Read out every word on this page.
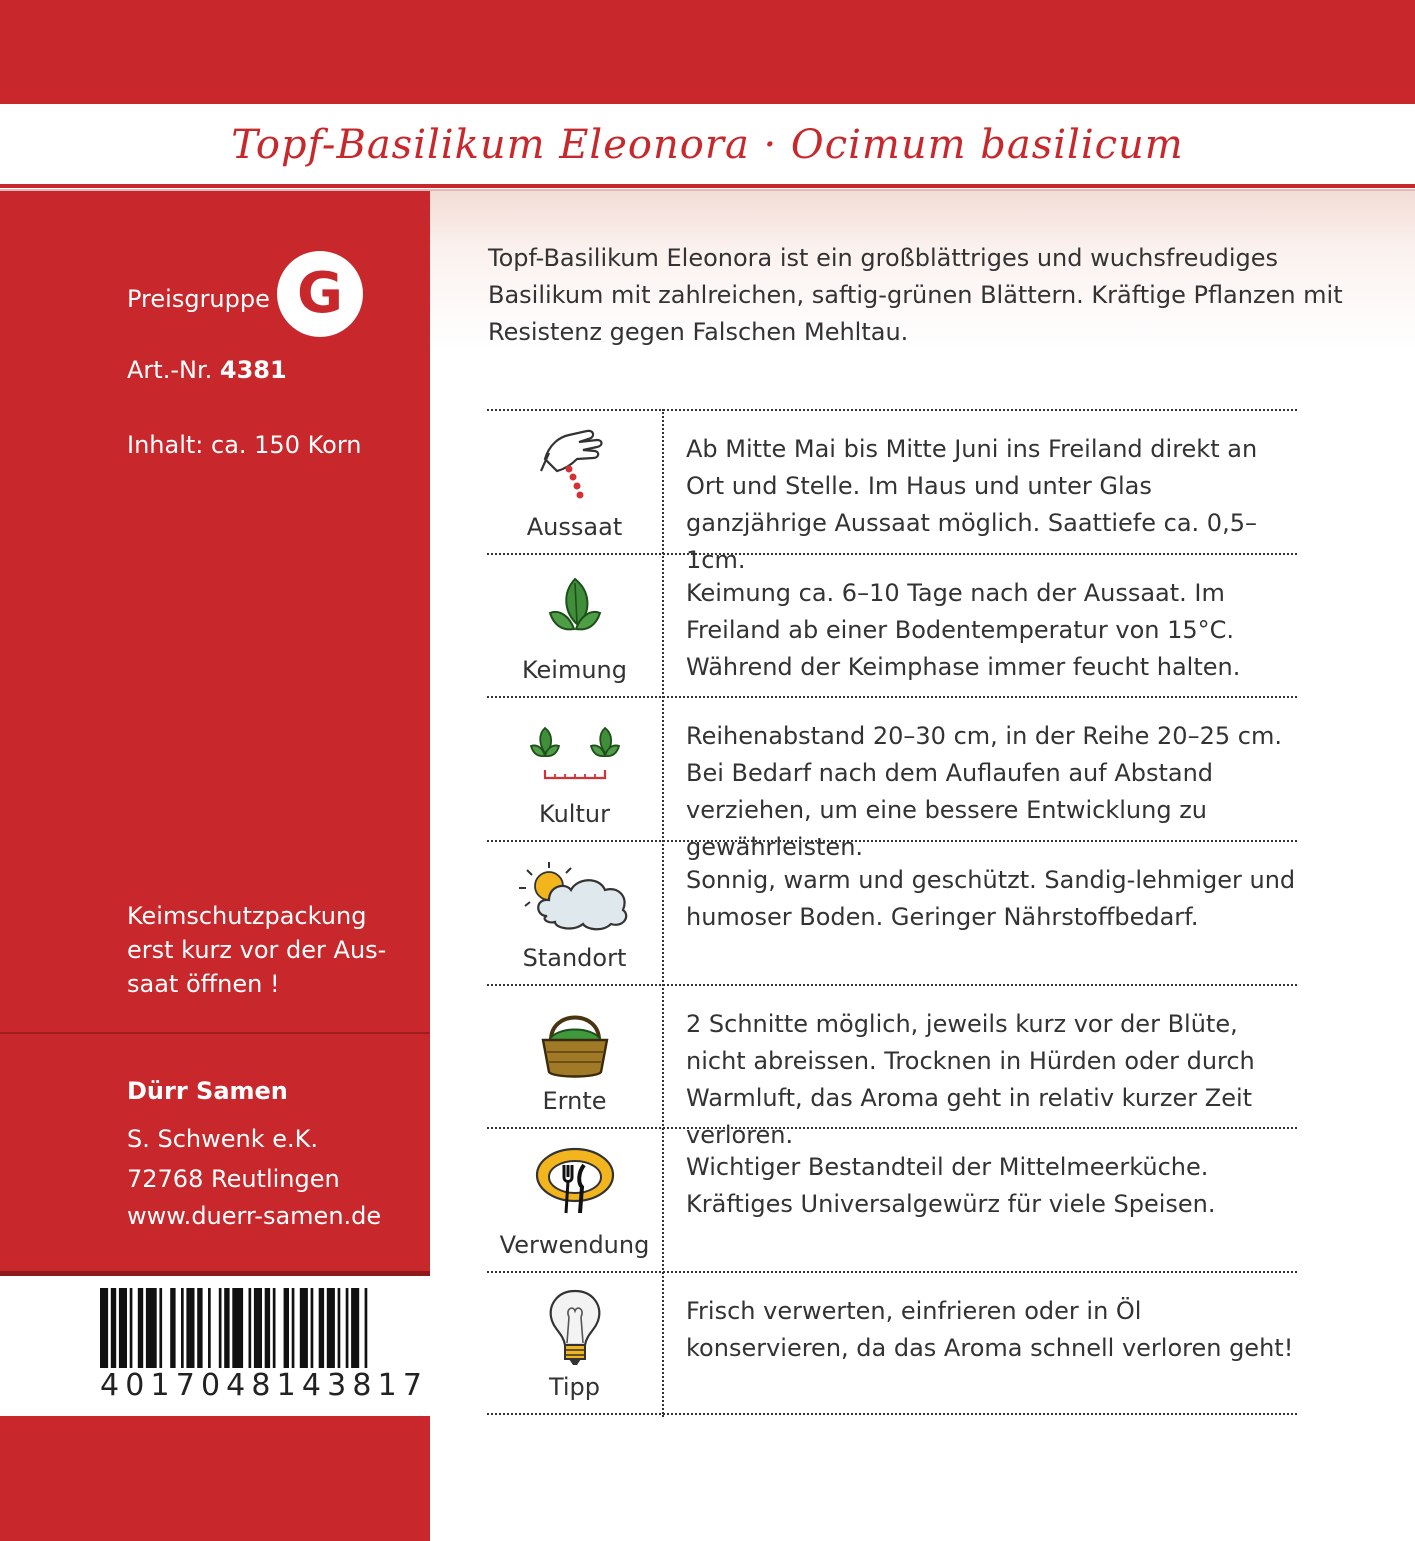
Topf-Basilikum Eleonora · Ocimum basilicum
Preisgruppe G
Art.-Nr. 4381
Inhalt: ca. 150 Korn
Keimschutzpackung erst kurz vor der Aus-saat öffnen !
Dürr Samen
S. Schwenk e.K.
72768 Reutlingen
www.duerr-samen.de
4 0 1 7 0 4 8 1 4 3 8 1 7
Topf-Basilikum Eleonora ist ein großblättriges und wuchsfreudiges Basilikum mit zahlreichen, saftig-grünen Blättern. Kräftige Pflanzen mit Resistenz gegen Falschen Mehltau.
Aussaat
Ab Mitte Mai bis Mitte Juni ins Freiland direkt an Ort und Stelle. Im Haus und unter Glas ganzjährige Aussaat möglich. Saattiefe ca. 0,5–1cm.
Keimung
Keimung ca. 6–10 Tage nach der Aussaat. Im Freiland ab einer Bodentemperatur von 15°C. Während der Keimphase immer feucht halten.
Kultur
Reihenabstand 20–30 cm, in der Reihe 20–25 cm. Bei Bedarf nach dem Auflaufen auf Abstand verziehen, um eine bessere Entwicklung zu gewährleisten.
Standort
Sonnig, warm und geschützt. Sandig-lehmiger und humoser Boden. Geringer Nährstoffbedarf.
Ernte
2 Schnitte möglich, jeweils kurz vor der Blüte, nicht abreissen. Trocknen in Hürden oder durch Warmluft, das Aroma geht in relativ kurzer Zeit verloren.
Verwendung
Wichtiger Bestandteil der Mittelmeerküche. Kräftiges Universalgewürz für viele Speisen.
Tipp
Frisch verwerten, einfrieren oder in Öl konservieren, da das Aroma schnell verloren geht!
